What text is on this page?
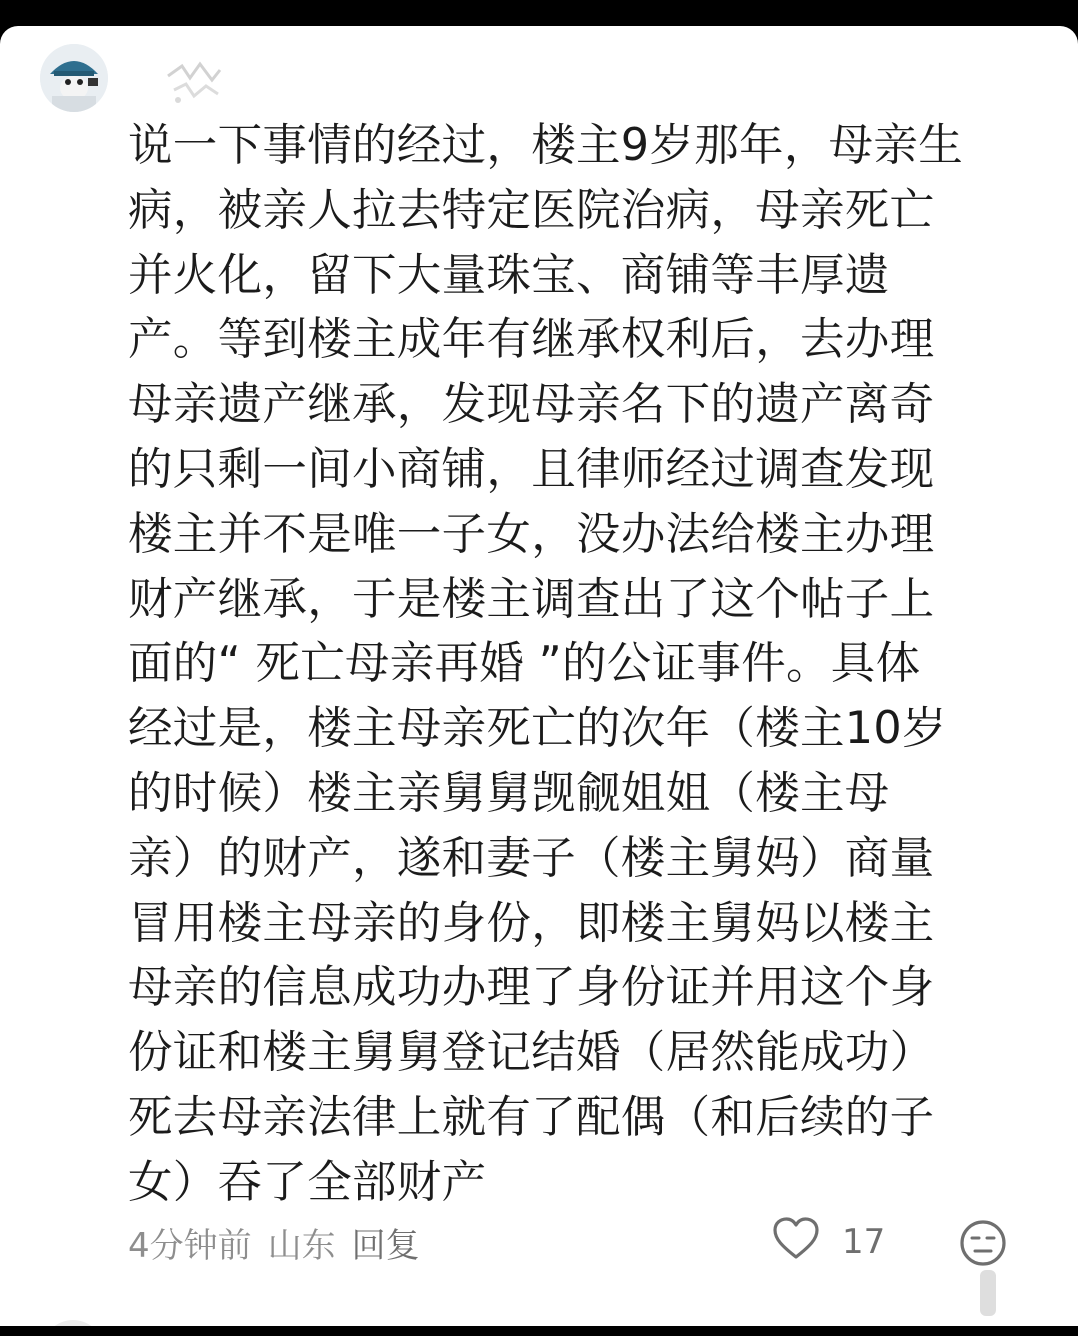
说一下事情的经过，楼主9岁那年，母亲生
病，被亲人拉去特定医院治病，母亲死亡
并火化，留下大量珠宝、商铺等丰厚遗
产。等到楼主成年有继承权利后，去办理
母亲遗产继承，发现母亲名下的遗产离奇
的只剩一间小商铺，且律师经过调查发现
楼主并不是唯一子女，没办法给楼主办理
财产继承，于是楼主调查出了这个帖子上
面的“ 死亡母亲再婚 ”的公证事件。具体
经过是，楼主母亲死亡的次年（楼主10岁
的时候）楼主亲舅舅觊觎姐姐（楼主母
亲）的财产，遂和妻子（楼主舅妈）商量
冒用楼主母亲的身份，即楼主舅妈以楼主
母亲的信息成功办理了身份证并用这个身
份证和楼主舅舅登记结婚（居然能成功）
死去母亲法律上就有了配偶（和后续的子
女）吞了全部财产

4分钟前 山东 回复	17
